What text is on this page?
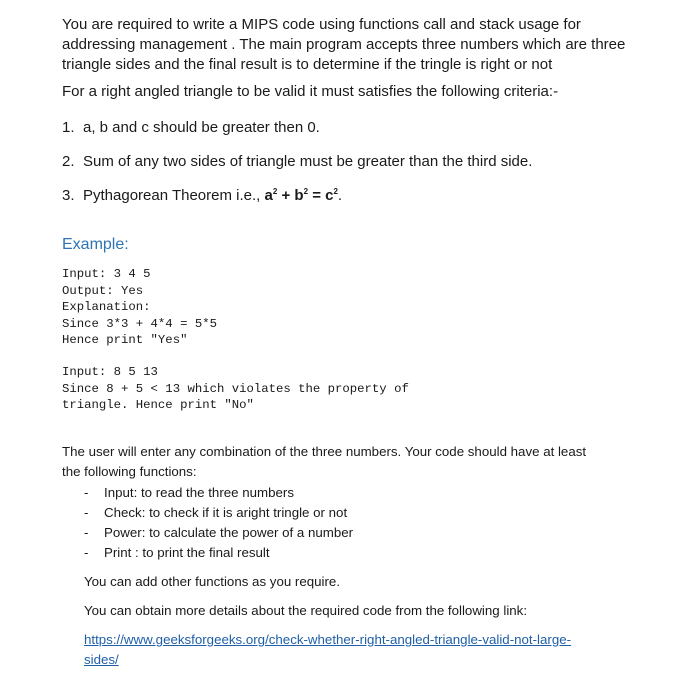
You are required to write a MIPS code using functions call and stack usage for addressing management . The main program accepts three numbers which are three triangle sides and the final result is to determine if the tringle is right or not

For a right angled triangle to be valid it must satisfies the following criteria:-

1. a, b and c should be greater then 0.

2. Sum of any two sides of triangle must be greater than the third side.

3. Pythagorean Theorem i.e., $a^2 + b^2 = c^2$.

Example:

Input: 3 4 5

Output: Yes

Explanation:

Since 3*3 + 4*4 = 5*5

Hence print "Yes"

Input: 8 5 13

Since 8 + 5 < 13 which violates the property of

triangle. Hence print "No"

The user will enter any combination of the three numbers. Your code should have at least the following functions:

- Input: to read the three numbers
- Check: to check if it is aright tringle or not
- Power: to calculate the power of a number
- Print : to print the final result

You can add other functions as you require.

You can obtain more details about the required code from the following link:

https://www.geeksforgeeks.org/check-whether-right-angled-triangle-valid-not-large-sides/
